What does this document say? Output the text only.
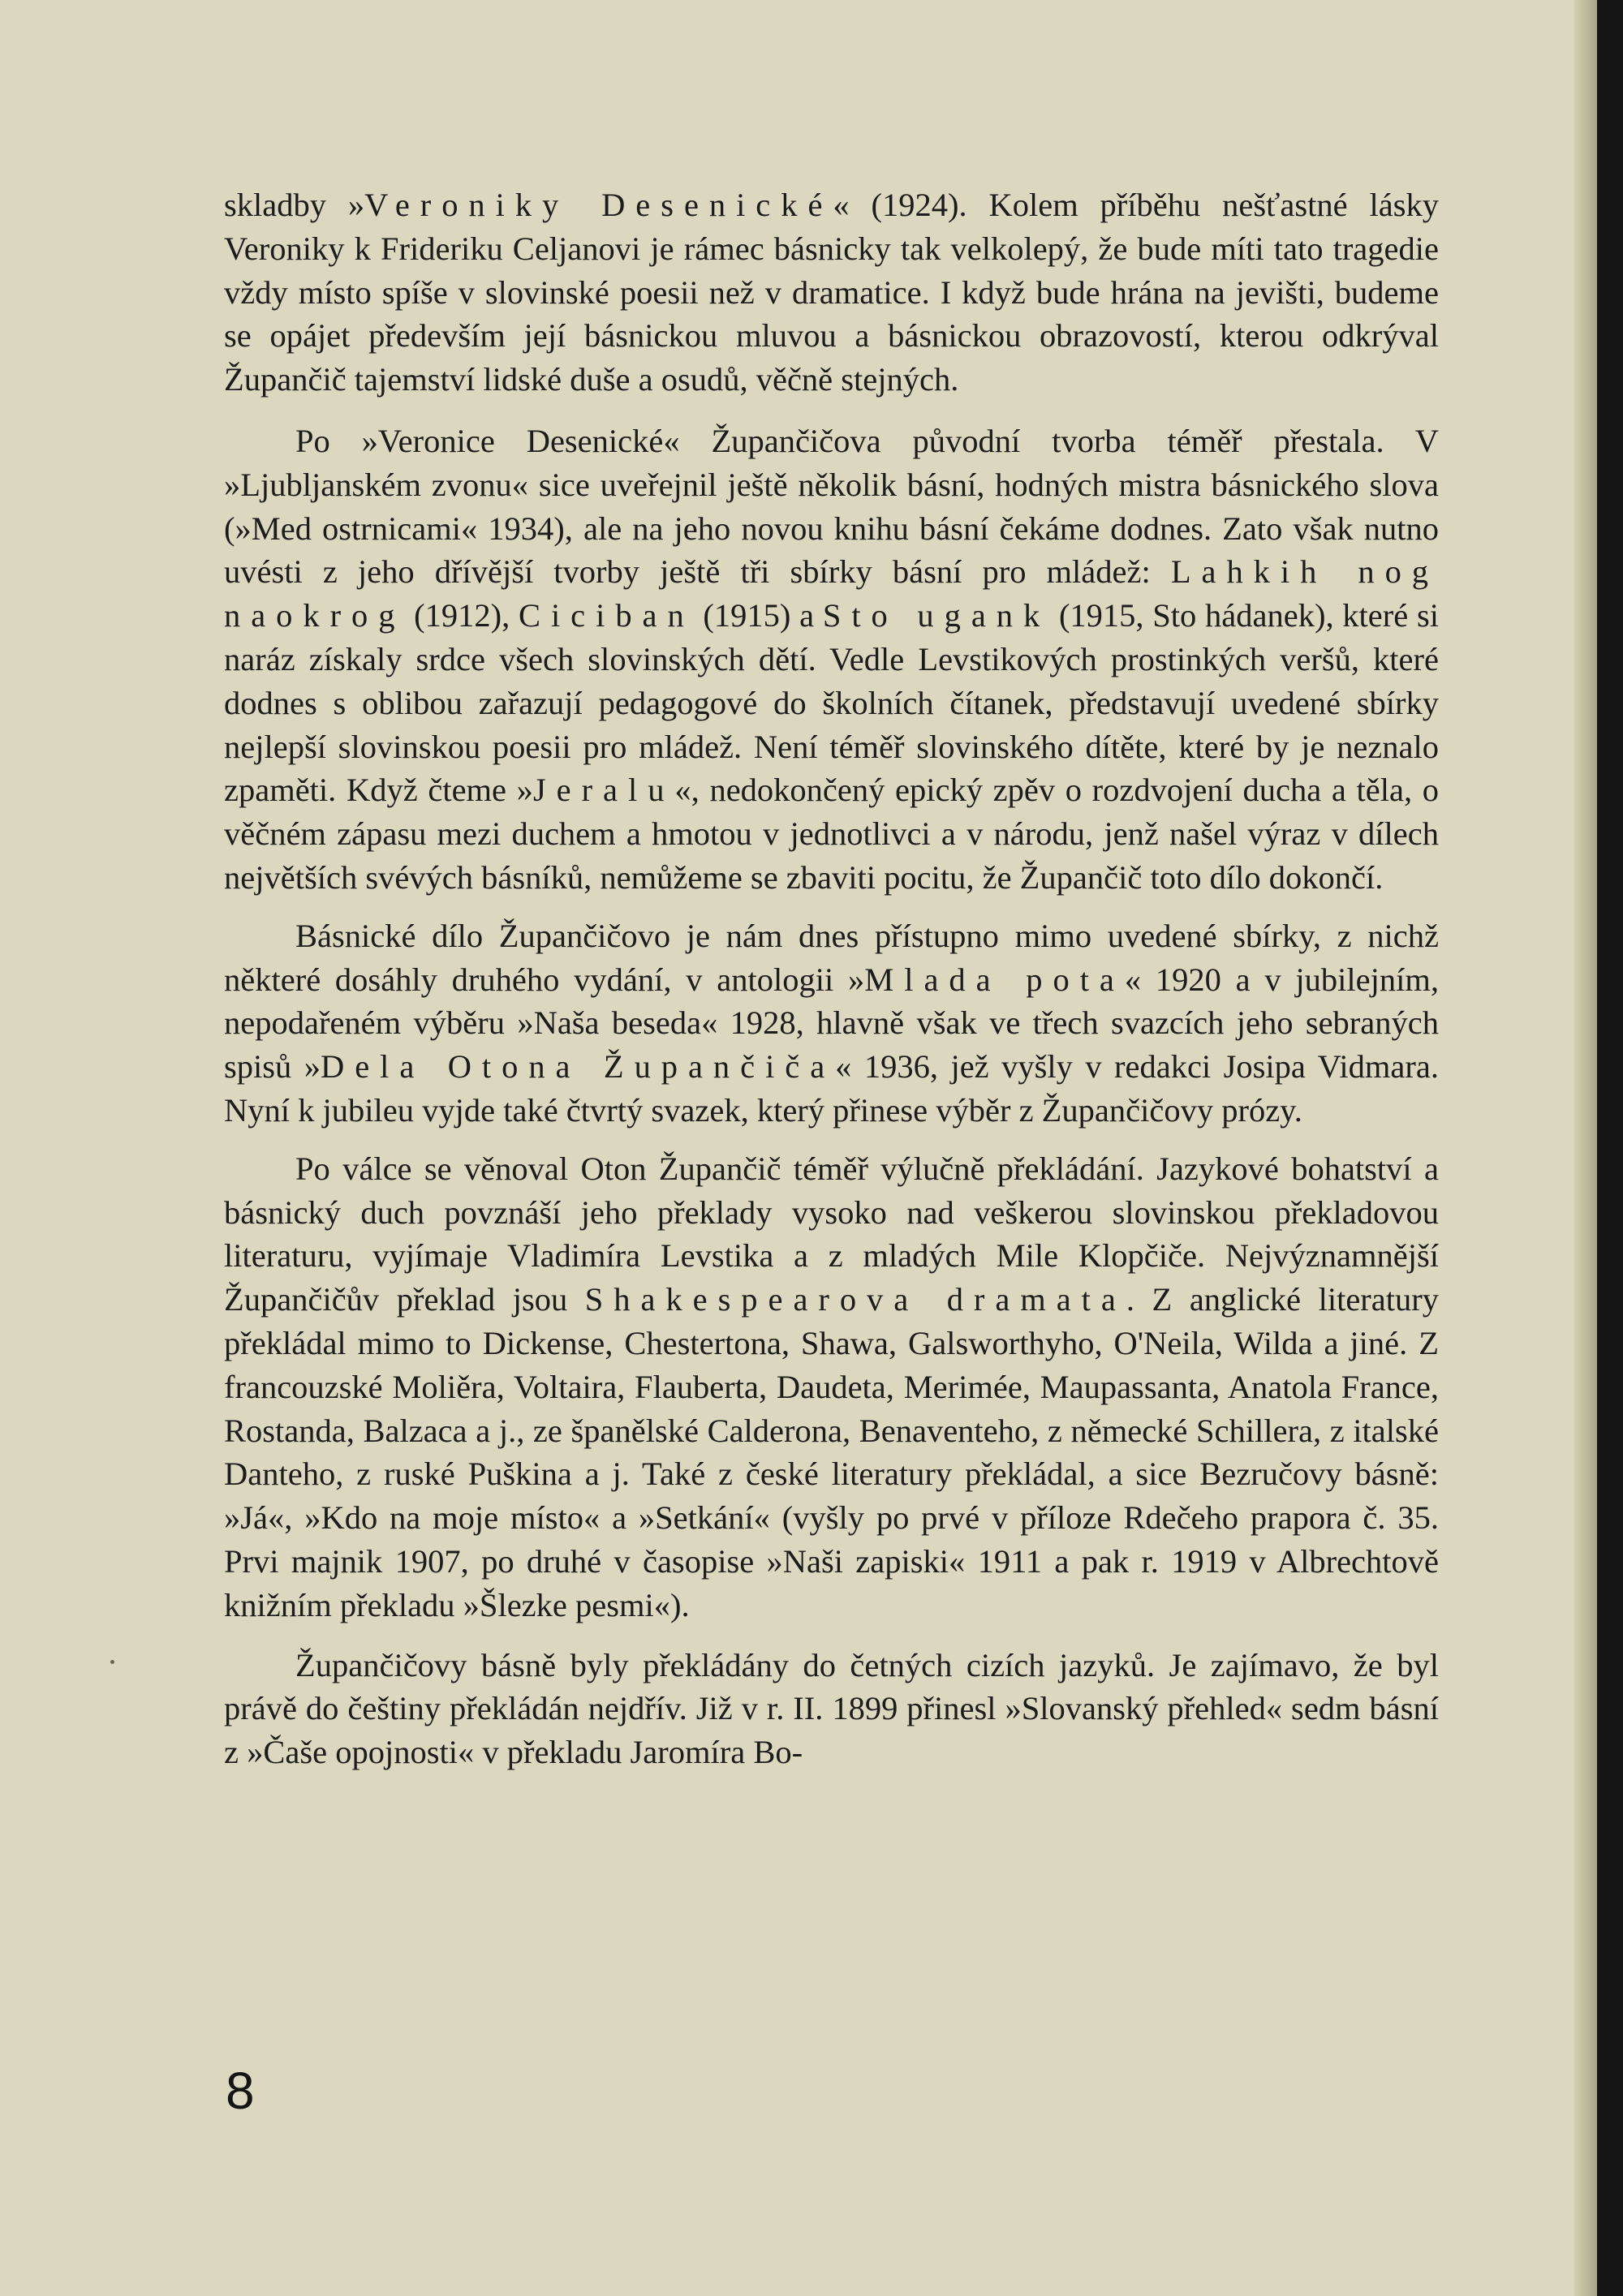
skladby »Veroniky Desenické« (1924). Kolem příběhu nešťastné lásky Veroniky k Frideriku Celjanovi je rámec básnicky tak velkolepý, že bude míti tato tragedie vždy místo spíše v slovinské poesii než v dramatice. I když bude hrána na jevišti, budeme se opájet především její básnickou mluvou a básnickou obrazovostí, kterou odkrýval Župančič tajemství lidské duše a osudů, věčně stejných.

Po »Veronice Desenické« Župančičova původní tvorba téměř přestala. V »Ljubljanském zvonu« sice uveřejnil ještě několik básní, hodných mistra básnického slova (»Med ostrnicami« 1934), ale na jeho novou knihu básní čekáme dodnes. Zato však nutno uvésti z jeho dřívější tvorby ještě tři sbírky básní pro mládež: Lahkih nog naokrog (1912), Ciciban (1915) a Sto ugank (1915, Sto hádanek), které si naráz získaly srdce všech slovinských dětí. Vedle Levstikových prostinkých veršů, které dodnes s oblibou zařazují pedagogové do školních čítanek, představují uvedené sbírky nejlepší slovinskou poesii pro mládež. Není téměř slovinského dítěte, které by je neznalo zpaměti. Když čteme »Jeralu«, nedokončený epický zpěv o rozdvojení ducha a těla, o věčném zápasu mezi duchem a hmotou v jednotlivci a v národu, jenž našel výraz v dílech největších svévých básníků, nemůžeme se zbaviti pocitu, že Župančič toto dílo dokončí.

Básnické dílo Župančičovo je nám dnes přístupno mimo uvedené sbírky, z nichž některé dosáhly druhého vydání, v antologii »Mlada pota« 1920 a v jubilejním, nepodařeném výběru »Naša beseda« 1928, hlavně však ve třech svazcích jeho sebraných spisů »Dela Otona Župančiča« 1936, jež vyšly v redakci Josipa Vidmara. Nyní k jubileu vyjde také čtvrtý svazek, který přinese výběr z Župančičovy prózy.

Po válce se věnoval Oton Župančič téměř výlučně překládání. Jazykové bohatství a básnický duch povznáší jeho překlady vysoko nad veškerou slovinskou překladovou literaturu, vyjímaje Vladimíra Levstika a z mladých Mile Klopčiče. Nejvýznamnější Župančičův překlad jsou Shakespearova dramata. Z anglické literatury překládal mimo to Dickense, Chestertona, Shawa, Galsworthyho, O'Neila, Wilda a jiné. Z francouzské Moliěra, Voltaira, Flauberta, Daudeta, Merimée, Maupassanta, Anatola France, Rostanda, Balzaca a j., ze španělské Calderona, Benaventeho, z německé Schillera, z italské Danteho, z ruské Puškina a j. Také z české literatury překládal, a sice Bezručovy básně: »Já«, »Kdo na moje místo« a »Setkání« (vyšly po prvé v příloze Rdečeho prapora č. 35. Prvi majnik 1907, po druhé v časopise »Naši zapiski« 1911 a pak r. 1919 v Albrechtově knižním překladu »Šlezke pesmi«).

Župančičovy básně byly překládány do četných cizích jazyků. Je zajímavo, že byl právě do češtiny překládán nejdřív. Již v r. II. 1899 přinesl »Slovanský přehled« sedm básní z »Čaše opojnosti« v překladu Jaromíra Bo-

8
